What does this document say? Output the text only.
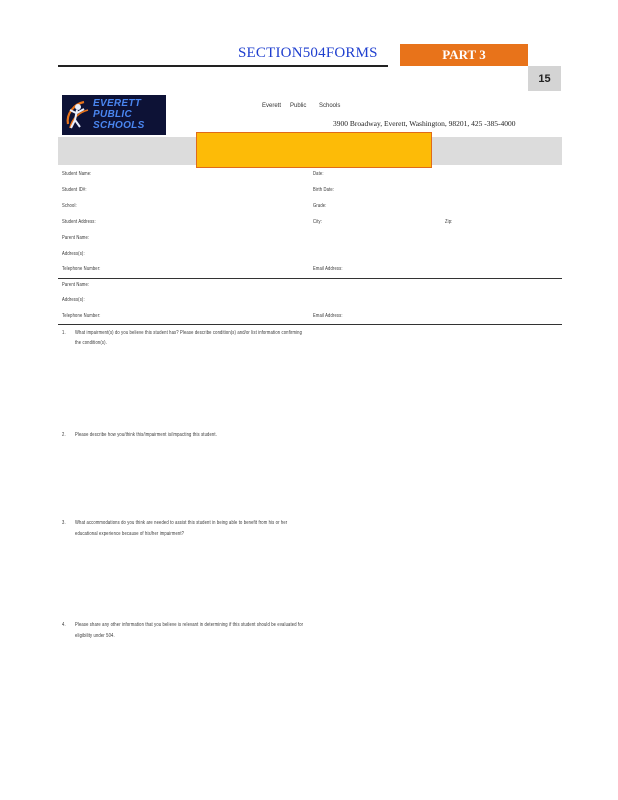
SECTION504FORMS	PART 3
15
EVERETT
PUBLIC
SCHOOLS
Everett Public Schools
3900 Broadway, Everett, Washington, 98201, 425 -385-4000
Student Name:	Date:
Student ID#:	Birth Date:
School:	Grade:
Student Address:	City:	Zip:
Parent Name:
Address(s):
Telephone Number:	Email Address:
Parent Name:
Address(s):
Telephone Number:	Email Address:
1. What impairment(s) do you believe this student has? Please describe condition(s) and/or list information confirming
the condition(s).
2. Please describe how you/think this/impairment is/impacting this student.
3. What accommodations do you think are needed to assist this student in being able to benefit from his or her
educational experience because of his/her impairment?
4. Please share any other information that you believe is relevant in determining if this student should be evaluated for
eligibility under 504.
